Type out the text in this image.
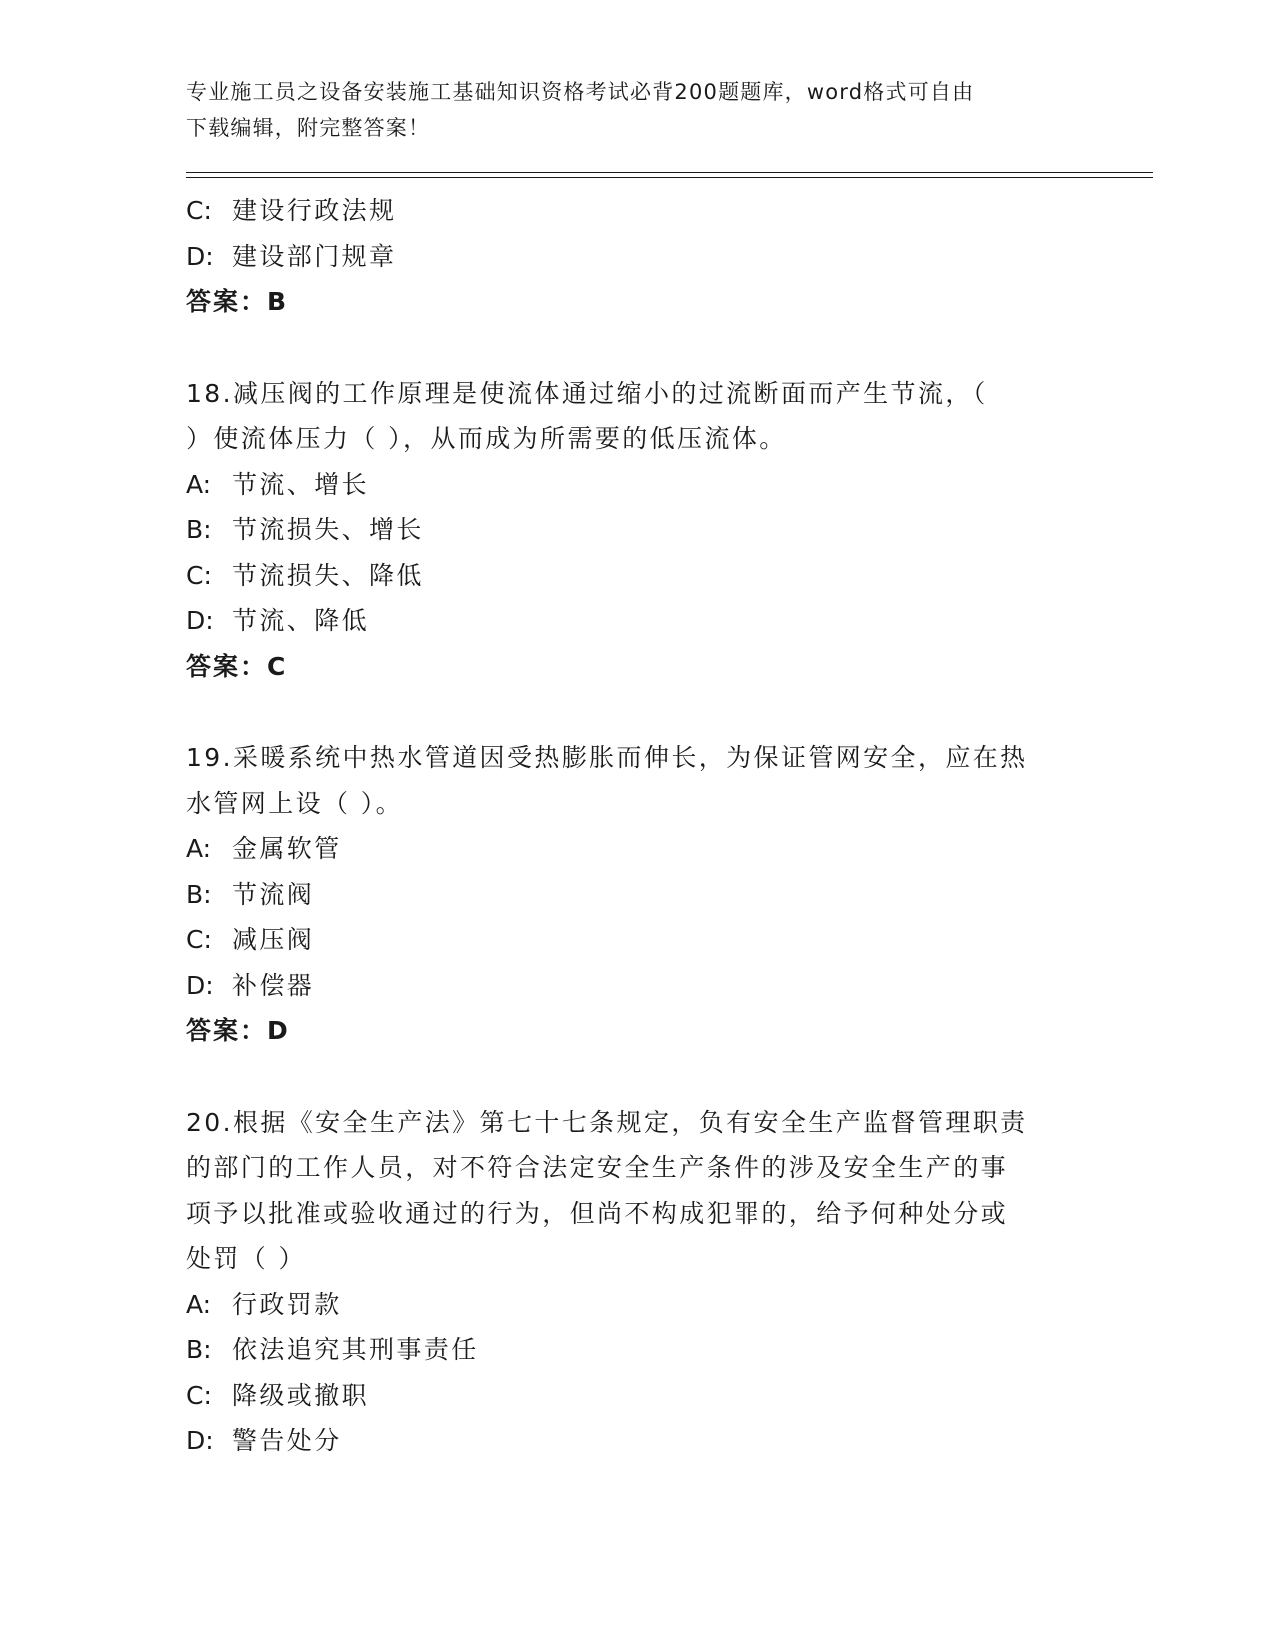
专业施工员之设备安装施工基础知识资格考试必背200题题库，word格式可自由
下载编辑，附完整答案！
C: 建设行政法规
D: 建设部门规章
答案：B
18.减压阀的工作原理是使流体通过缩小的过流断面而产生节流，（
）使流体压力（ ），从而成为所需要的低压流体。
A: 节流、增长
B: 节流损失、增长
C: 节流损失、降低
D: 节流、降低
答案：C
19.采暖系统中热水管道因受热膨胀而伸长，为保证管网安全，应在热
水管网上设（ ）。
A: 金属软管
B: 节流阀
C: 减压阀
D: 补偿器
答案：D
20.根据《安全生产法》第七十七条规定，负有安全生产监督管理职责
的部门的工作人员，对不符合法定安全生产条件的涉及安全生产的事
项予以批准或验收通过的行为，但尚不构成犯罪的，给予何种处分或
处罚（ ）
A: 行政罚款
B: 依法追究其刑事责任
C: 降级或撤职
D: 警告处分
